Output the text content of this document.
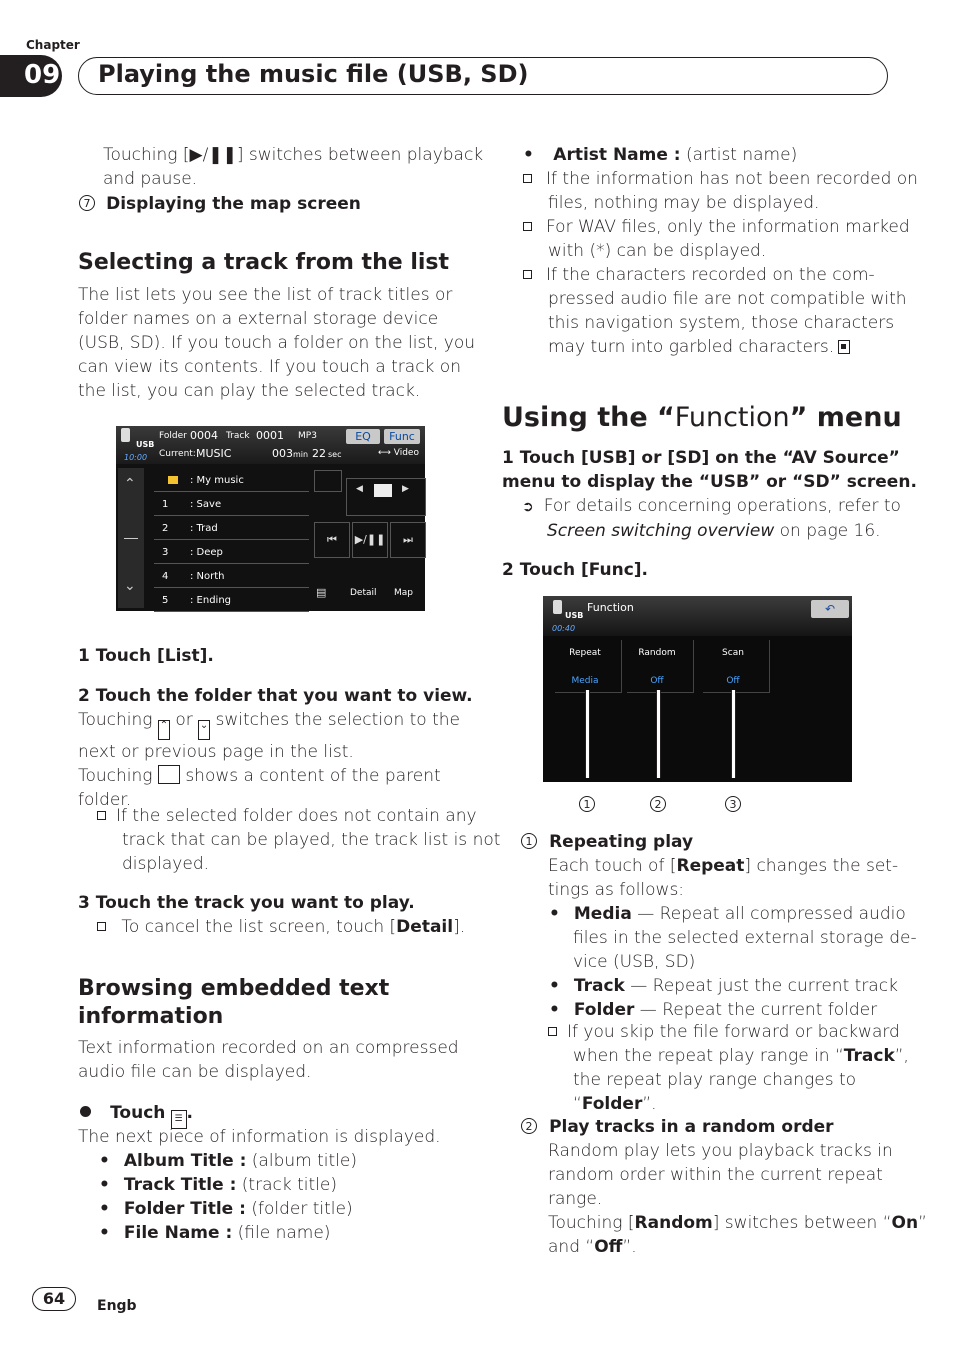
Chapter
09 Playing the music file (USB, SD)
Touching [▶/❚❚] switches between playback
and pause.
7 Displaying the map screen
Selecting a track from the list
The list lets you see the list of track titles or
folder names on a external storage device
(USB, SD). If you touch a folder on the list, you
can view its contents. If you touch a track on
the list, you can play the selected track.
USB
10:00
Folder 0004 Track 0001 MP3	EQ	Func
Current: MUSIC	003 min 22 sec	⟷ Video
⌃
⌄
: My music
1 : Save
2 : Trad
3 : Deep
4 : North
5 : Ending
◀	▶
⏮	▶/❚❚	⏭
▤	Detail Map
1 Touch [List].
2 Touch the folder that you want to view.
Touching ⌃ or ⌄ switches the selection to the
next or previous page in the list.
Touching shows a content of the parent
folder.
If the selected folder does not contain any
track that can be played, the track list is not
displayed.
3 Touch the track you want to play.
To cancel the list screen, touch [Detail].
Browsing embedded text
information
Text information recorded on an compressed
audio file can be displayed.
Touch ☰ .
The next piece of information is displayed.
• Album Title : (album title)
• Track Title : (track title)
• Folder Title : (folder title)
• File Name : (file name)
• Artist Name : (artist name)
If the information has not been recorded on
files, nothing may be displayed.
For WAV files, only the information marked
with (*) can be displayed.
If the characters recorded on the com-
pressed audio file are not compatible with
this navigation system, those characters
may turn into garbled characters.
Using the “Function” menu
1 Touch [USB] or [SD] on the “AV Source”
menu to display the “USB” or “SD” screen.
➲ For details concerning operations, refer to
Screen switching overview on page 16.
2 Touch [Func].
USB
00:40
Function	↶
Repeat
Media
Random
Off
Scan
Off
1	2	3
1 Repeating play
Each touch of [Repeat] changes the set-
tings as follows:
• Media — Repeat all compressed audio
files in the selected external storage de-
vice (USB, SD)
• Track — Repeat just the current track
• Folder — Repeat the current folder
If you skip the file forward or backward
when the repeat play range in “Track”,
the repeat play range changes to
“Folder”.
2 Play tracks in a random order
Random play lets you playback tracks in
random order within the current repeat
range.
Touching [Random] switches between “On”
and “Off”.
64	Engb
